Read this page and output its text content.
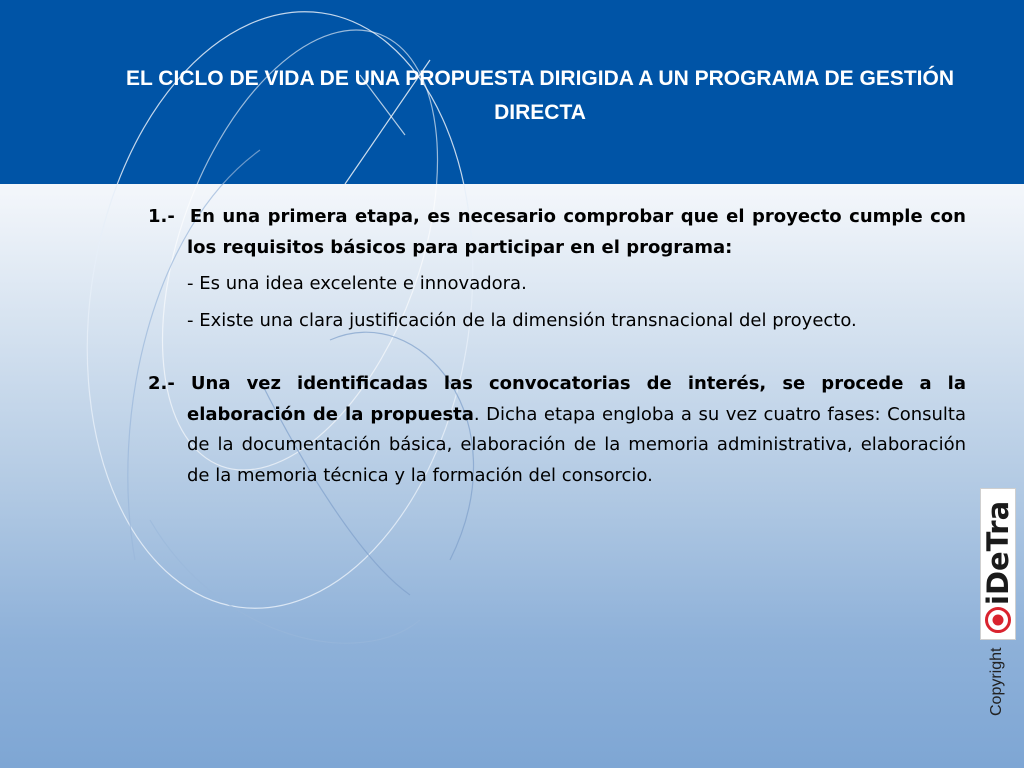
EL CICLO DE VIDA DE UNA PROPUESTA DIRIGIDA A UN PROGRAMA DE GESTIÓN DIRECTA

1.- En una primera etapa, es necesario comprobar que el proyecto cumple con los requisitos básicos para participar en el programa:

- Es una idea excelente e innovadora.

- Existe una clara justificación de la dimensión transnacional del proyecto.

2.- Una vez identificadas las convocatorias de interés, se procede a la elaboración de la propuesta. Dicha etapa engloba a su vez cuatro fases: Consulta de la documentación básica, elaboración de la memoria administrativa, elaboración de la memoria técnica y la formación del consorcio.

iDeTra
Copyright
